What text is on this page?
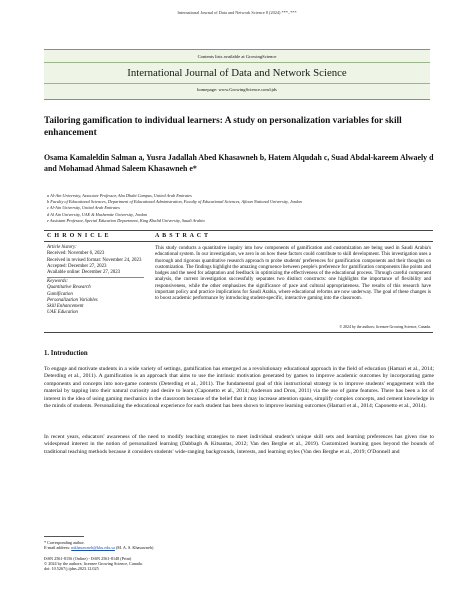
International Journal of Data and Network Science 8 (2024) ***–***
Contents lists available at GrowingScience
International Journal of Data and Network Science
homepage: www.GrowingScience.com/ijds
Tailoring gamification to individual learners: A study on personalization variables for skill enhancement
Osama Kamaleldin Salman a, Yusra Jadallah Abed Khasawneh b, Hatem Alqudah c, Suad Abdal-kareem Alwaely d and Mohamad Ahmad Saleem Khasawneh e*
a Al-Ain University, Associate Professor, Abu Dhabi Campus, United Arab Emirates
b Faculty of Educational Sciences, Department of Educational Administration, Faculty of Educational Sciences, Ajloun National University, Jordan
c Al-Ain University, United Arab Emirates
d Al Ain University, UAE & Hashemite University, Jordan
e Assistant Professor, Special Education Department, King Khalid University, Saudi Arabia
C H R O N I C L E	A B S T R A C T
Article history:
Received: November 6, 2023
Received in revised format: November 24, 2023
Accepted: December 27, 2023
Available online: December 27, 2023
Keywords:
Quantitative Research
Gamification
Personalization Variables
Skill Enhancement
UAE Education
This study conducts a quantitative inquiry into how components of gamification and customization are being used in Saudi Arabia's educational system. In our investigation, we zero in on how these factors could contribute to skill development. This investigation uses a thorough and rigorous quantitative research approach to probe students' preferences for gamification components and their thoughts on customization. The findings highlight the amazing congruence between people's preference for gamification components like points and badges and the need for adaptation and feedback in optimizing the effectiveness of the educational process. Through careful component analysis, the current investigation successfully separates two distinct constructs: one highlights the importance of flexibility and responsiveness, while the other emphasizes the significance of pace and cultural appropriateness. The results of this research have important policy and practice implications for Saudi Arabia, where educational reforms are now underway. The goal of these changes is to boost academic performance by introducing student-specific, interactive gaming into the classroom.
© 2024 by the authors; licensee Growing Science, Canada.
1. Introduction
To engage and motivate students in a wide variety of settings, gamification has emerged as a revolutionary educational approach in the field of education (Hamari et al., 2014; Deterding et al., 2011). A gamification is an approach that aims to use the intrinsic motivation generated by games to improve academic outcomes by incorporating game components and concepts into non-game contexts (Deterding et al., 2011). The fundamental goal of this instructional strategy is to improve students' engagement with the material by tapping into their natural curiosity and desire to learn (Caponetto et al., 2014; Anderson and Dron, 2011) via the use of game features. There has been a lot of interest in the idea of using gaming mechanics in the classroom because of the belief that it may increase attention spans, simplify complex concepts, and cement knowledge in the minds of students. Personalizing the educational experience for each student has been shown to improve learning outcomes (Hamari et al., 2014; Caponetto et al., 2014).
In recent years, educators' awareness of the need to modify teaching strategies to meet individual student's unique skill sets and learning preferences has given rise to widespread interest in the notion of personalized learning (Dabbagh & Kitsantas, 2012; Van den Berghe et al., 2019). Customized learning goes beyond the bounds of traditional teaching methods because it considers students' wide-ranging backgrounds, interests, and learning styles (Van den Berghe et al., 2019; O'Donnell and
* Corresponding author.
E-mail address: mkhasawneh@kku.edu.sa (M. A. S. Khasawneh)
ISSN 2561-8156 (Online) - ISSN 2561-8148 (Print)
© 2024 by the authors; licensee Growing Science, Canada.
doi: 10.5267/j.ijdns.2023.12.025
